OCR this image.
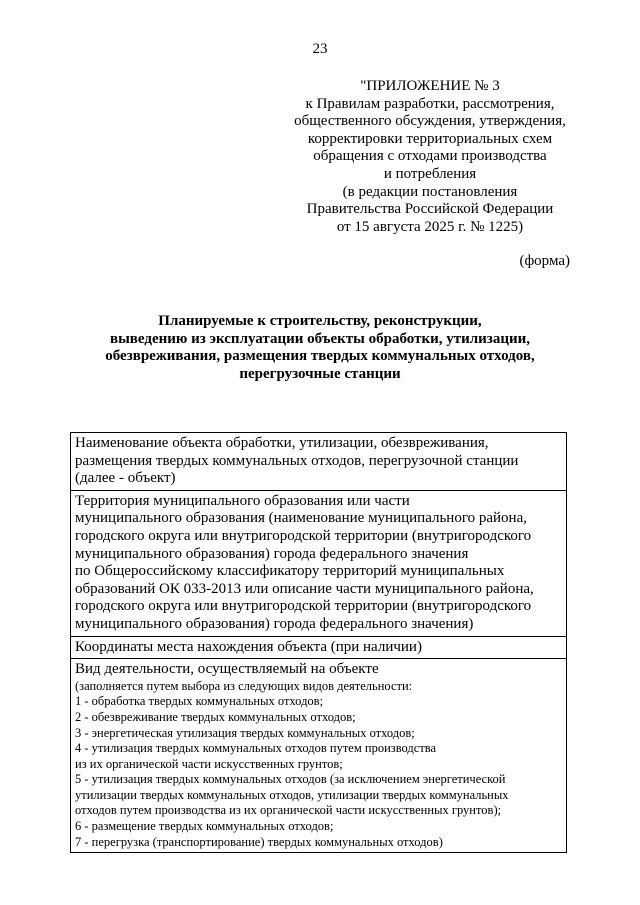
23
"ПРИЛОЖЕНИЕ № 3
к Правилам разработки, рассмотрения,
общественного обсуждения, утверждения,
корректировки территориальных схем
обращения с отходами производства
и потребления
(в редакции постановления
Правительства Российской Федерации
от 15 августа 2025 г. № 1225)
(форма)
Планируемые к строительству, реконструкции,
выведению из эксплуатации объекты обработки, утилизации,
обезвреживания, размещения твердых коммунальных отходов,
перегрузочные станции
Наименование объекта обработки, утилизации, обезвреживания,
размещения твердых коммунальных отходов, перегрузочной станции
(далее - объект)

Территория муниципального образования или части
муниципального образования (наименование муниципального района,
городского округа или внутригородской территории (внутригородского
муниципального образования) города федерального значения
по Общероссийскому классификатору территорий муниципальных
образований ОК 033-2013 или описание части муниципального района,
городского округа или внутригородской территории (внутригородского
муниципального образования) города федерального значения)

Координаты места нахождения объекта (при наличии)

Вид деятельности, осуществляемый на объекте
(заполняется путем выбора из следующих видов деятельности:
1 - обработка твердых коммунальных отходов;
2 - обезвреживание твердых коммунальных отходов;
3 - энергетическая утилизация твердых коммунальных отходов;
4 - утилизация твердых коммунальных отходов путем производства
из их органической части искусственных грунтов;
5 - утилизация твердых коммунальных отходов (за исключением энергетической
утилизации твердых коммунальных отходов, утилизации твердых коммунальных
отходов путем производства из их органической части искусственных грунтов);
6 - размещение твердых коммунальных отходов;
7 - перегрузка (транспортирование) твердых коммунальных отходов)
